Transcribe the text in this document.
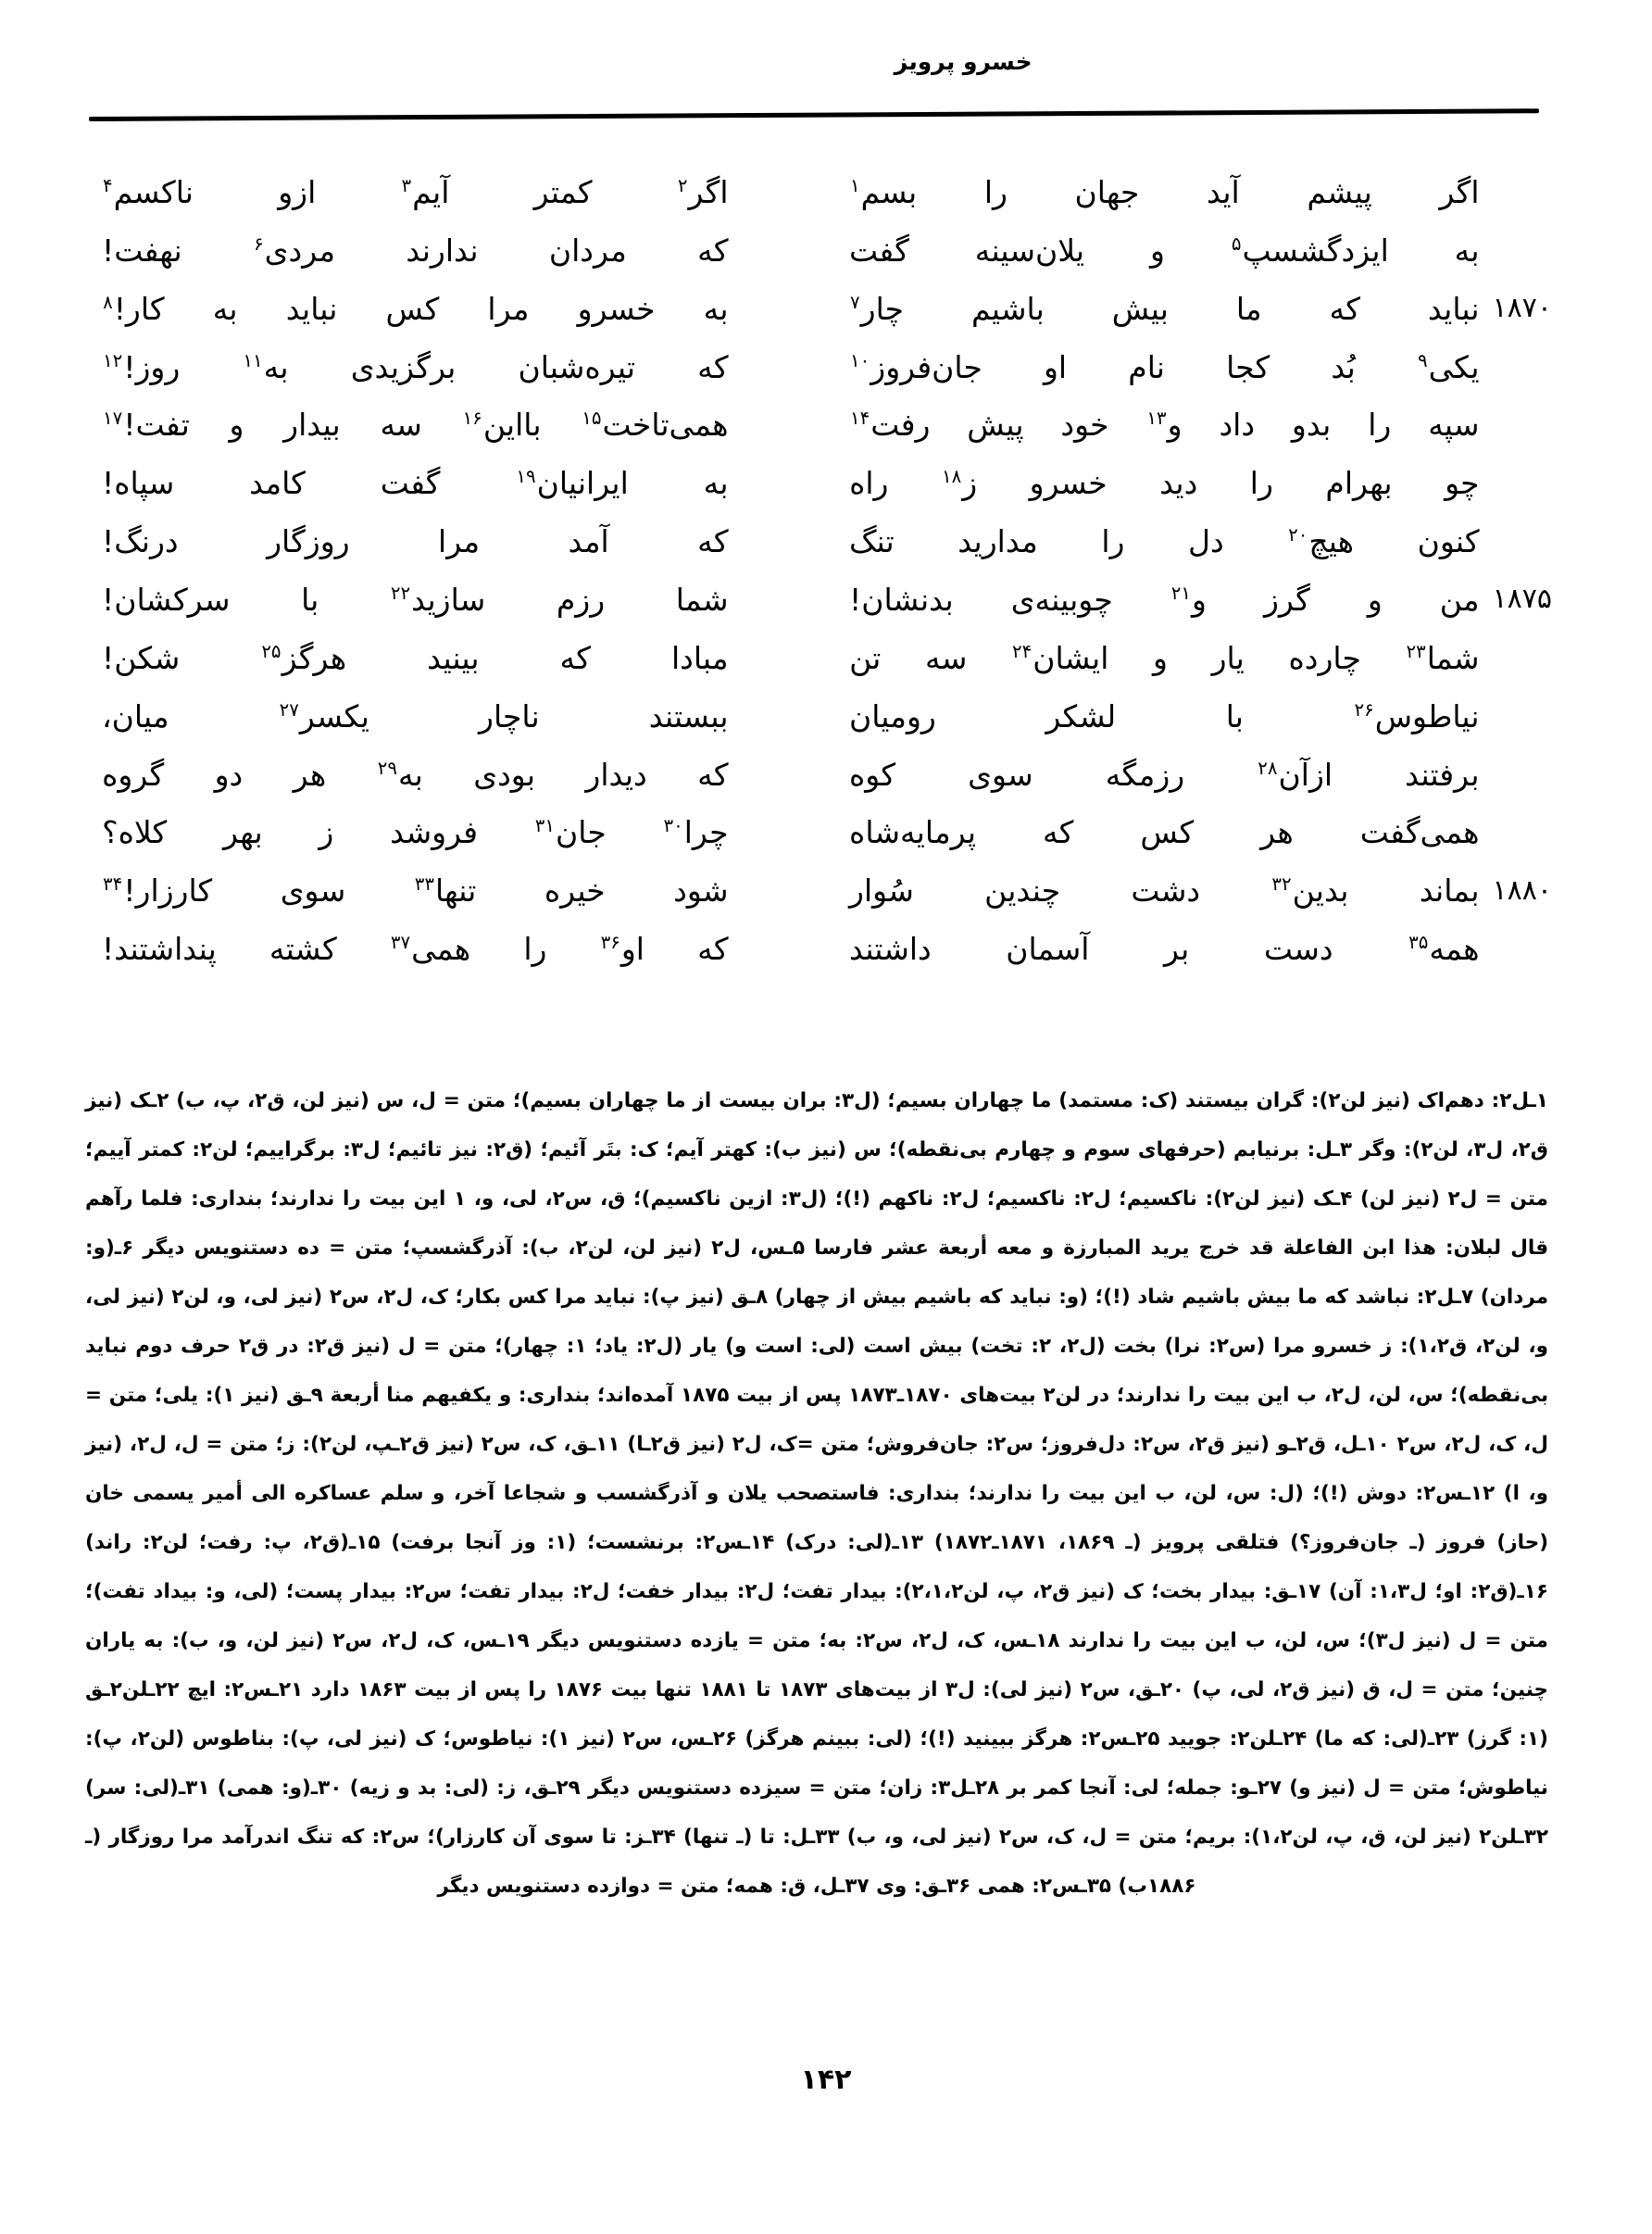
خسرو پرویز
اگر
پیشم
آید
جهان
را
بسم$^۱$
به
ایزدگشسپ$^۵$
و
یلان‌سینه
گفت
۱۸۷۰
نباید
که
ما
بیش
باشیم
چار$^۷$
یکی$^۹$
بُد
کجا
نام
او
جان‌فروز$^{۱۰}$
سپه
را
بدو
داد
و$^{۱۳}$
خود
پیش
رفت$^{۱۴}$
چو
بهرام
را
دید
خسرو
ز$^{۱۸}$
راه
کنون
هیچ$^{۲۰}$
دل
را
مدارید
تنگ
۱۸۷۵
من
و
گرز
و$^{۲۱}$
چوبینه‌ی
بدنشان!
شما$^{۲۳}$
چارده
یار
و
ایشان$^{۲۴}$
سه
تن
نیاطوس$^{۲۶}$
با
لشکر
رومیان
برفتند
ازآن$^{۲۸}$
رزمگه
سوی
کوه
همی‌گفت
هر
کس
که
پرمایه‌شاه
۱۸۸۰
بماند
بدین$^{۳۲}$
دشت
چندین
سُوار
همه$^{۳۵}$
دست
بر
آسمان
داشتند
اگر$^۲$
کمتر
آیم$^۳$
ازو
ناکسم$^۴$
که
مردان
ندارند
مردی$^۶$
نهفت!
به
خسرو
مرا
کس
نباید
به
کار!$^۸$
که
تیره‌شبان
برگزیدی
به$^{۱۱}$
روز!$^{۱۲}$
همی‌تاخت$^{۱۵}$
بااین$^{۱۶}$
سه
بیدار
و
تفت!$^{۱۷}$
به
ایرانیان$^{۱۹}$
گفت
کامد
سپاه!
که
آمد
مرا
روزگار
درنگ!
شما
رزم
سازید$^{۲۲}$
با
سرکشان!
مبادا
که
بینید
هرگز$^{۲۵}$
شکن!
ببستند
ناچار
یکسر$^{۲۷}$
میان،
که
دیدار
بودی
به$^{۲۹}$
هر
دو
گروه
چرا$^{۳۰}$
جان$^{۳۱}$
فروشد
ز
بهر
کلاه؟
شود
خیره
تنها$^{۳۳}$
سوی
کارزار!$^{۳۴}$
که
او$^{۳۶}$
را
همی$^{۳۷}$
کشته
پنداشتند!
۱ـل۲: دهم‌اک (نیز لن۲): گران بیستند (ک: مستمد) ما چهاران بسیم؛ (ل۳: بران بیست از ما چهاران بسیم)؛ متن = ل، س (نیز لن، ق۲، پ، ب) ۲ـک (نیز ق۲، ل۳، لن۲): وگر ۳ـل: برنیابم (حرفهای سوم و چهارم بی‌نقطه)؛ س (نیز ب): کهتر آیم؛ ک: بتَر آئیم؛ (ق۲: نیز تائیم؛ ل۳: برگراییم؛ لن۲: کمتر آییم؛ متن = ل۲ (نیز لن) ۴ـک (نیز لن۲): ناکسیم؛ ل۲: ناکسیم؛ ل۲: ناکهم (!)؛ (ل۳: ازین ناکسیم)؛ ق، س۲، لی، و، ۱ این بیت را ندارند؛ بنداری: فلما رآهم قال لبلان: هذا ابن الفاعلة قد خرج یرید المبارزة و معه أربعة عشر فارسا ۵ـس، ل۲ (نیز لن، لن۲، ب): آذرگشسپ؛ متن = ده دستنویس دیگر ۶ـ(و: مردان) ۷ـل۲: نباشد که ما بیش باشیم شاد (!)؛ (و: نباید که باشیم بیش از چهار) ۸ـق (نیز پ): نباید مرا کس بکار؛ ک، ل۲، س۲ (نیز لی، و، لن۲ (نیز لی، و، لن۲، ق۱،۲): ز خسرو مرا (س۲: نرا) بخت (ل۲، ۲: تخت) بیش است (لی: است و) یار (ل۲: یاد؛ ۱: چهار)؛ متن = ل (نیز ق۲: در ق۲ حرف دوم نباید بی‌نقطه)؛ س، لن، ل۲، ب این بیت را ندارند؛ در لن۲ بیت‌های ۱۸۷۰ـ۱۸۷۳ پس از بیت ۱۸۷۵ آمده‌اند؛ بنداری: و یکفیهم منا أربعة ۹ـق (نیز ۱): یلی؛ متن = ل، ک، ل۲، س۲ ۱۰ـل، ق۲ـو (نیز ق۲، س۲: دل‌فروز؛ س۲: جان‌فروش؛ متن =ک، ل۲ (نیز ق۲ـا) ۱۱ـق، ک، س۲ (نیز ق۲ـپ، لن۲): ز؛ متن = ل، ل۲، (نیز و، ا) ۱۲ـس۲: دوش (!)؛ (ل: س، لن، ب این بیت را ندارند؛ بنداری: فاستصحب یلان و آذرگشسب و شجاعا آخر، و سلم عساکره الی أمیر یسمی خان (حاز) فروز (ـ جان‌فروز؟) فتلقی پرویز (ـ ۱۸۶۹، ۱۸۷۱ـ۱۸۷۲) ۱۳ـ(لی: درک) ۱۴ـس۲: برنشست؛ (۱: وز آنجا برفت) ۱۵ـ(ق۲، پ: رفت؛ لن۲: راند) ۱۶ـ(ق۲: او؛ ل۱،۳: آن) ۱۷ـق: بیدار بخت؛ ک (نیز ق۲، پ، لن۲،۱،۲): بیدار تفت؛ ل۲: بیدار خفت؛ ل۲: بیدار تفت؛ س۲: بیدار پست؛ (لی، و: بیداد تفت)؛ متن = ل (نیز ل۳)؛ س، لن، ب این بیت را ندارند ۱۸ـس، ک، ل۲، س۲: به؛ متن = یازده دستنویس دیگر ۱۹ـس، ک، ل۲، س۲ (نیز لن، و، ب): به یاران چنین؛ متن = ل، ق (نیز ق۲، لی، پ) ۲۰ـق، س۲ (نیز لی): ل۳ از بیت‌های ۱۸۷۳ تا ۱۸۸۱ تنها بیت ۱۸۷۶ را پس از بیت ۱۸۶۳ دارد ۲۱ـس۲: ایچ ۲۲ـلن۲ـق (۱: گرز) ۲۳ـ(لی: که ما) ۲۴ـلن۲: جویید ۲۵ـس۲: هرگز ببینید (!)؛ (لی: ببینم هرگز) ۲۶ـس، س۲ (نیز ۱): نیاطوس؛ ک (نیز لی، پ): بناطوس (لن۲، پ): نیاطوش؛ متن = ل (نیز و) ۲۷ـو: جمله؛ لی: آنجا کمر بر ۲۸ـل۳: زان؛ متن = سیزده دستنویس دیگر ۲۹ـق، ز: (لی: بد و زیه) ۳۰ـ(و: همی) ۳۱ـ(لی: سر) ۳۲ـلن۲ (نیز لن، ق، پ، لن۱،۲): بریم؛ متن = ل، ک، س۲ (نیز لی، و، ب) ۳۳ـل: تا (ـ تنها) ۳۴ـز: تا سوی آن کارزار)؛ س۲: که تنگ اندرآمد مرا روزگار (ـ ۱۸۸۶ب) ۳۵ـس۲: همی ۳۶ـق: وی ۳۷ـل، ق: همه؛ متن = دوازده دستنویس دیگر
۱۴۲
